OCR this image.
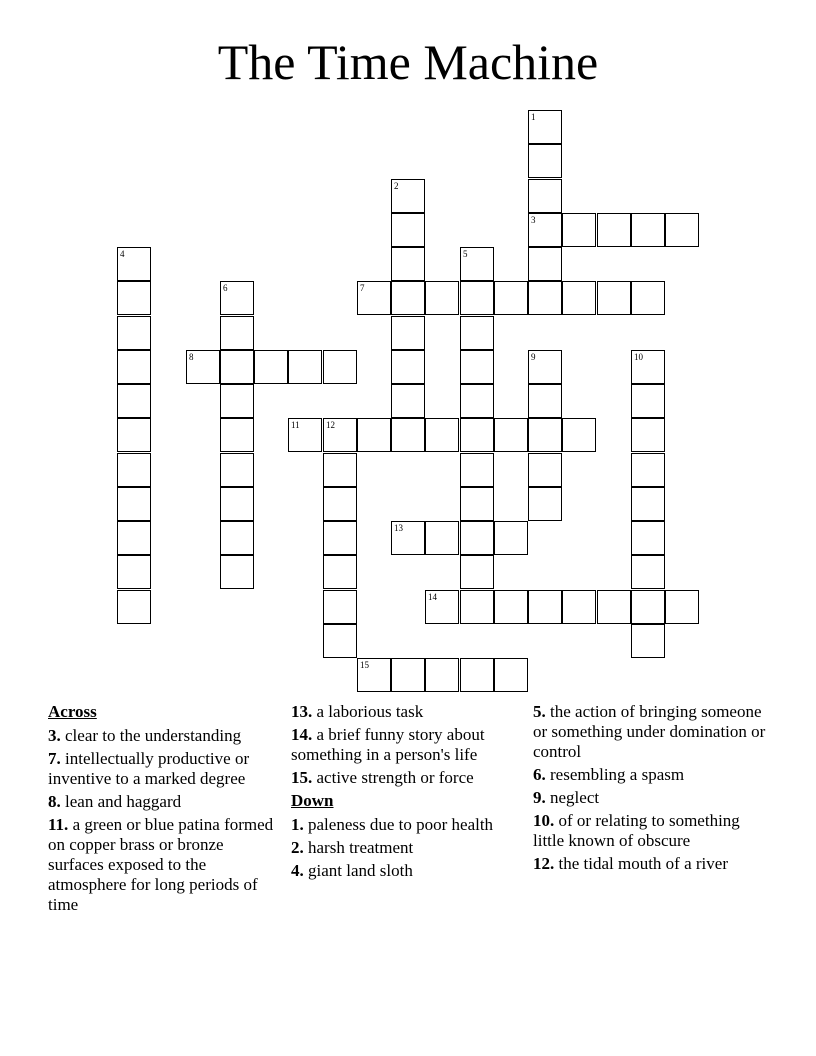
The Time Machine
1
3
2
4	5
6	7
8	9	10
11	12
13
14
15
Across
3. clear to the understanding
7. intellectually productive or inventive to a marked degree
8. lean and haggard
11. a green or blue patina formed on copper brass or bronze surfaces exposed to the atmosphere for long periods of time
13. a laborious task
14. a brief funny story about something in a person's life
15. active strength or force
Down
1. paleness due to poor health
2. harsh treatment
4. giant land sloth
5. the action of bringing someone or something under domination or control
6. resembling a spasm
9. neglect
10. of or relating to something little known of obscure
12. the tidal mouth of a river
